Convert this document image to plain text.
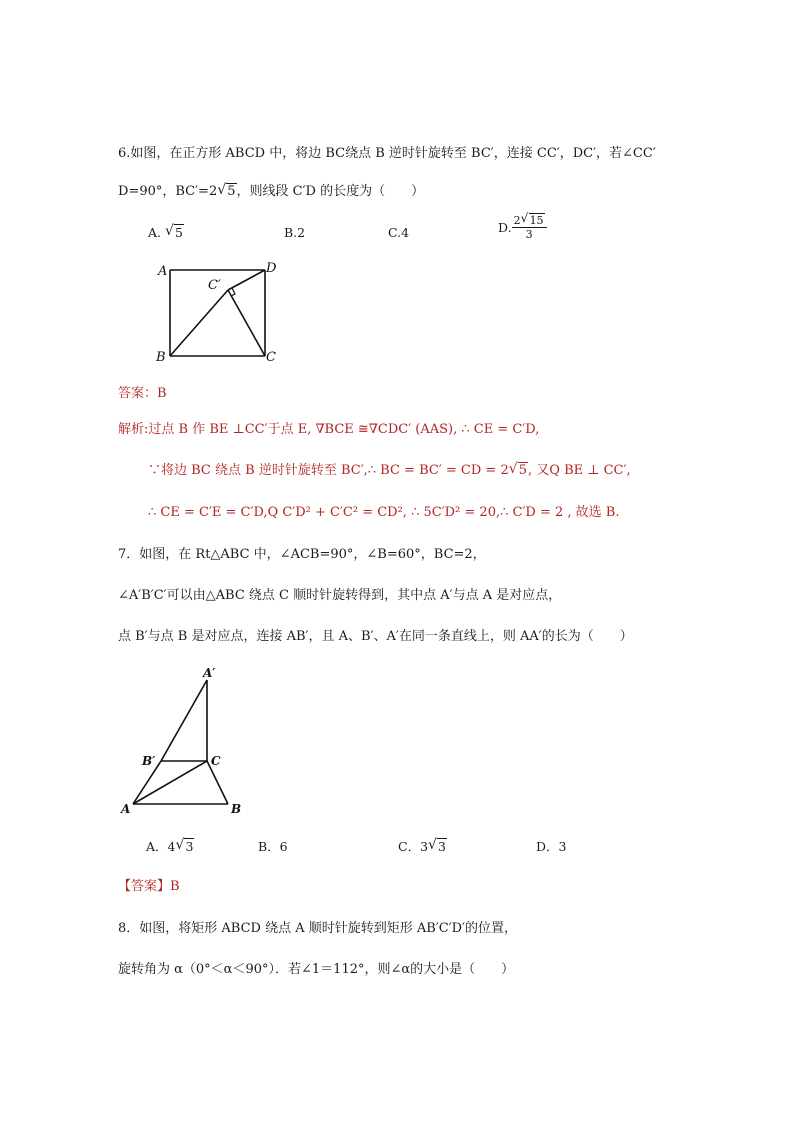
6.如图，在正方形 ABCD 中，将边 BC绕点 B 逆时针旋转至 BC′，连接 CC′，DC′，若∠CC′
D=90°，BC′=2 √ 5，则线段 C′D 的长度为（　　）
A. √ 5	B.2	C.4	D. $\frac{2 √ 15}{3}$
A	D
C′
B	C
答案：B
解析:过点 B 作 BE ⊥CC′于点 E, ∇BCE ≅∇CDC′ (AAS), ∴ CE = C′D,
∵将边 BC 绕点 B 逆时针旋转至 BC′,∴ BC = BC′ = CD = 2 √ 5, 又Q BE ⊥ CC′,
∴ CE = C′E = C′D,Q C′D² + C′C² = CD², ∴ 5C′D² = 20,∴ C′D = 2 , 故选 B.
7．如图，在 Rt△ABC 中，∠ACB=90°，∠B=60°，BC=2，
∠A′B′C′可以由△ABC 绕点 C 顺时针旋转得到，其中点 A′与点 A 是对应点，
点 B′与点 B 是对应点，连接 AB′，且 A、B′、A′在同一条直线上，则 AA′的长为（　　）
A′
B′	C
A	B
A．4 √ 3	B．6	C．3 √ 3	D．3
【答案】B
8．如图，将矩形 ABCD 绕点 A 顺时针旋转到矩形 AB′C′D′的位置，
旋转角为 α（0°＜α＜90°）．若∠1＝112°，则∠α的大小是（　　）
